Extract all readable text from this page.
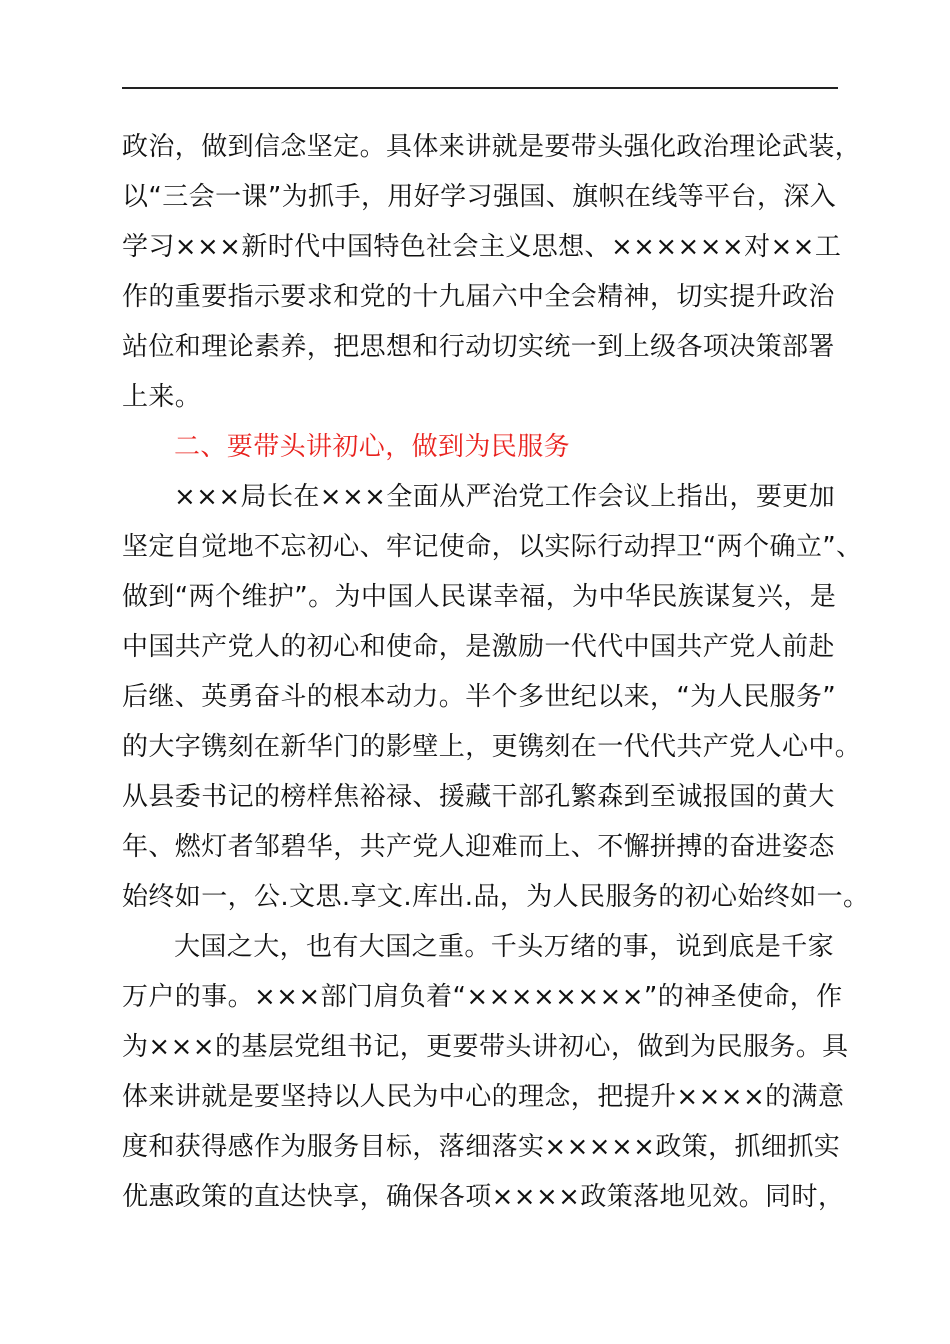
政治，做到信念坚定。具体来讲就是要带头强化政治理论武装，
以“三会一课”为抓手，用好学习强国、旗帜在线等平台，深入
学习×××新时代中国特色社会主义思想、××××××对××工
作的重要指示要求和党的十九届六中全会精神，切实提升政治
站位和理论素养，把思想和行动切实统一到上级各项决策部署
上来。
二、要带头讲初心，做到为民服务
×××局长在×××全面从严治党工作会议上指出，要更加
坚定自觉地不忘初心、牢记使命，以实际行动捍卫“两个确立”、
做到“两个维护”。为中国人民谋幸福，为中华民族谋复兴，是
中国共产党人的初心和使命，是激励一代代中国共产党人前赴
后继、英勇奋斗的根本动力。半个多世纪以来，“为人民服务”
的大字镌刻在新华门的影壁上，更镌刻在一代代共产党人心中。
从县委书记的榜样焦裕禄、援藏干部孔繁森到至诚报国的黄大
年、燃灯者邹碧华，共产党人迎难而上、不懈拼搏的奋进姿态
始终如一，公.文思.享文.库出.品，为人民服务的初心始终如一。
大国之大，也有大国之重。千头万绪的事，说到底是千家
万户的事。×××部门肩负着“××××××××”的神圣使命，作
为×××的基层党组书记，更要带头讲初心，做到为民服务。具
体来讲就是要坚持以人民为中心的理念，把提升××××的满意
度和获得感作为服务目标，落细落实×××××政策，抓细抓实
优惠政策的直达快享，确保各项××××政策落地见效。同时，
